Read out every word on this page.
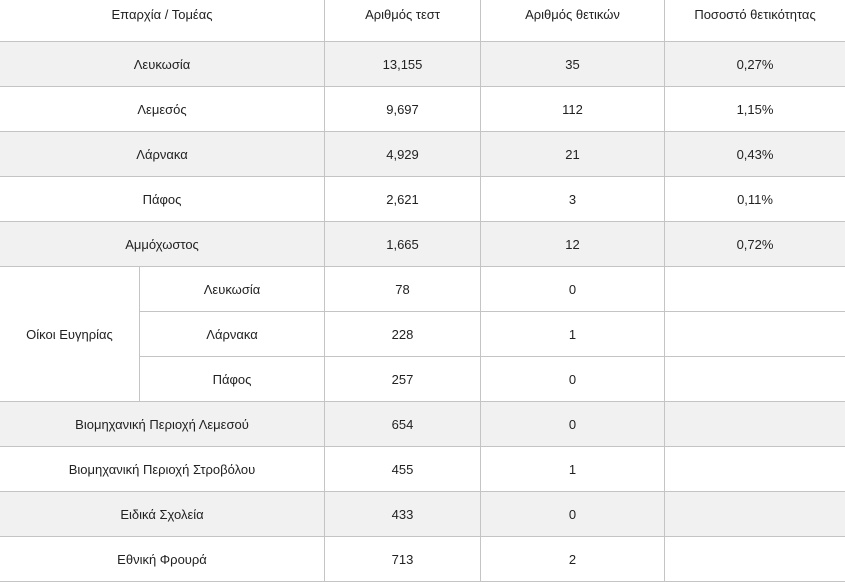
Επαρχία / Τομέας		Αριθμός τεστ	Αριθμός θετικών	Ποσοστό θετικότητας
Λευκωσία		13,155	35	0,27%
Λεμεσός		9,697	112	1,15%
Λάρνακα		4,929	21	0,43%
Πάφος		2,621	3	0,11%
Αμμόχωστος		1,665	12	0,72%
Οίκοι Ευγηρίας	Λευκωσία	78	0	
	Λάρνακα	228	1	
	Πάφος	257	0	
Βιομηχανική Περιοχή Λεμεσού		654	0	
Βιομηχανική Περιοχή Στροβόλου		455	1	
Ειδικά Σχολεία		433	0	
Εθνική Φρουρά		713	2	
